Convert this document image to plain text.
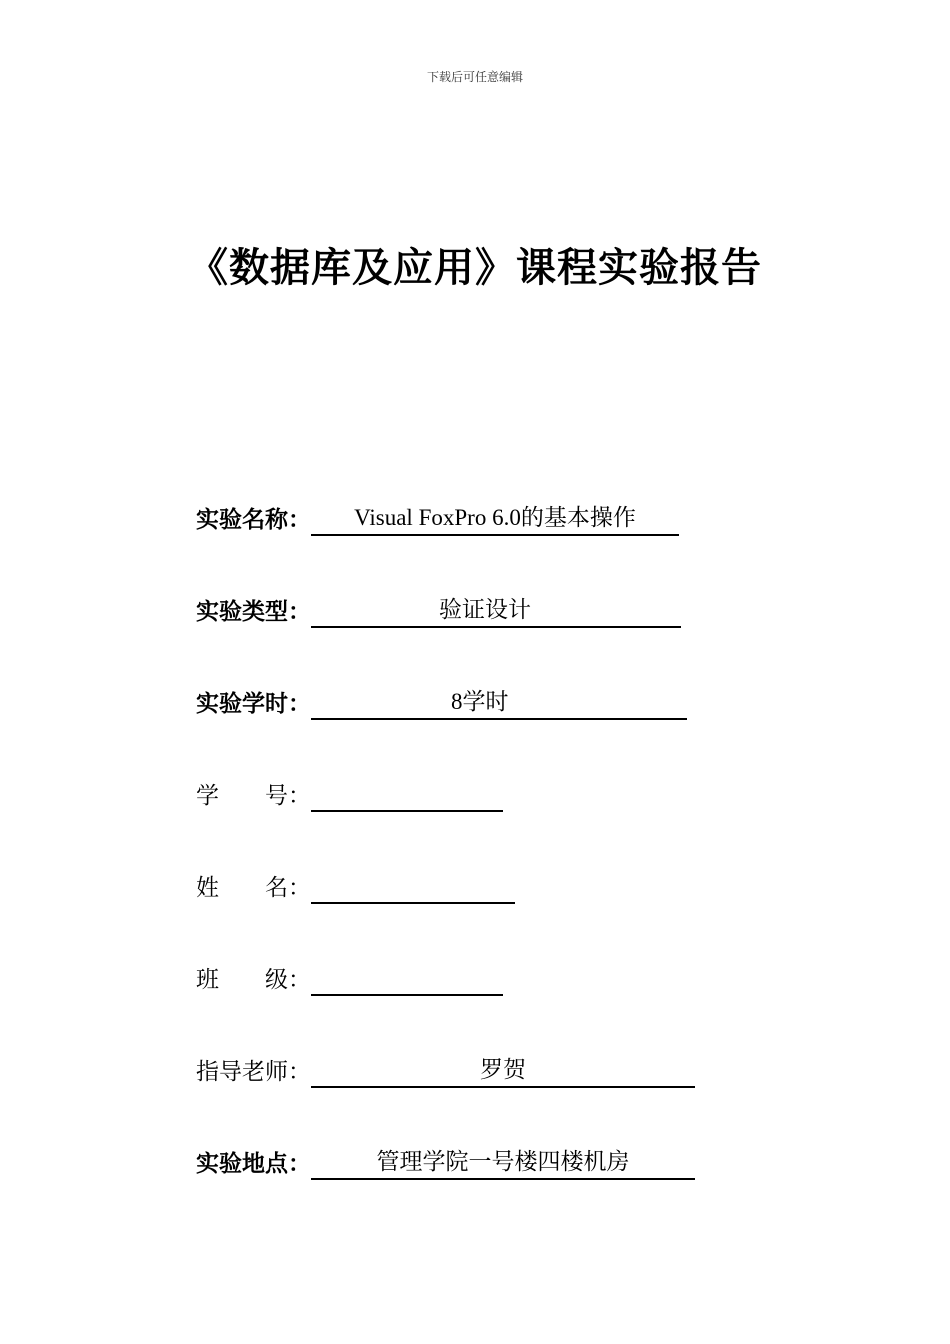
下载后可任意编辑
《数据库及应用》课程实验报告
实验名称：	Visual FoxPro 6.0的基本操作
实验类型：	验证设计
实验学时：	8学时
学　　号：
姓　　名：
班　　级：
指导老师：	罗贺
实验地点：	管理学院一号楼四楼机房
